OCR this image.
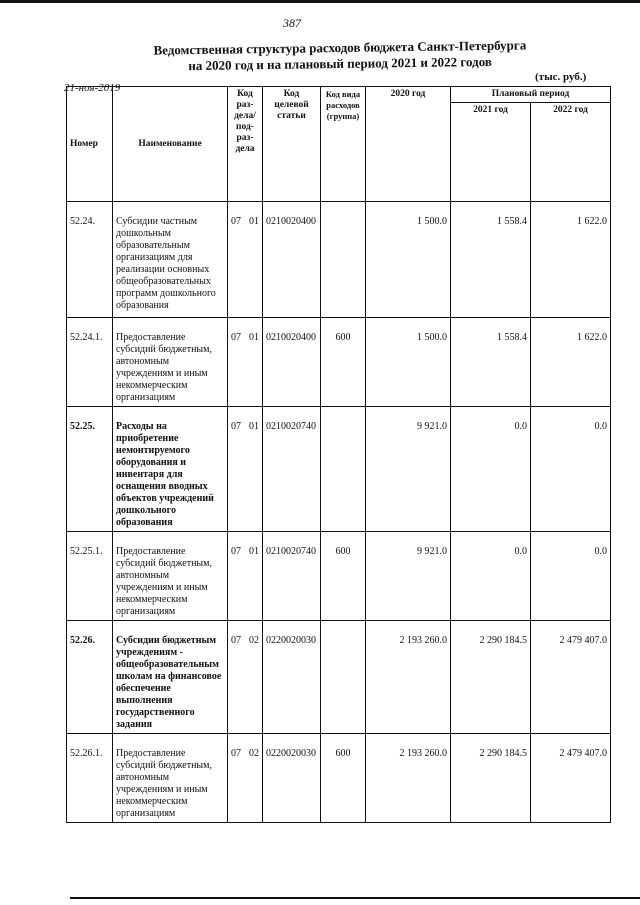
387
Ведомственная структура расходов бюджета Санкт-Петербурга
на 2020 год и на плановый период 2021 и 2022 годов
21-ноя-2019
(тыс. руб.)
Номер	Наименование	Код раз- дела/ под- раз- дела	Код целевой статьи	Код вида расходов (группа)	2020 год	Плановый период	
						2021 год	2022 год
52.24.	Субсидии частным дошкольным образовательным организациям для реализации основных общеобразовательных программ дошкольного образования	07 01	0210020400		1 500.0	1 558.4	1 622.0
52.24.1.	Предоставление субсидий бюджетным, автономным учреждениям и иным некоммерческим организациям	07 01	0210020400	600	1 500.0	1 558.4	1 622.0
52.25.	Расходы на приобретение немонтируемого оборудования и инвентаря для оснащения вводных объектов учреждений дошкольного образования	07 01	0210020740		9 921.0	0.0	0.0
52.25.1.	Предоставление субсидий бюджетным, автономным учреждениям и иным некоммерческим организациям	07 01	0210020740	600	9 921.0	0.0	0.0
52.26.	Субсидии бюджетным учреждениям - общеобразовательным школам на финансовое обеспечение выполнения государственного задания	07 02	0220020030		2 193 260.0	2 290 184.5	2 479 407.0
52.26.1.	Предоставление субсидий бюджетным, автономным учреждениям и иным некоммерческим организациям	07 02	0220020030	600	2 193 260.0	2 290 184.5	2 479 407.0
